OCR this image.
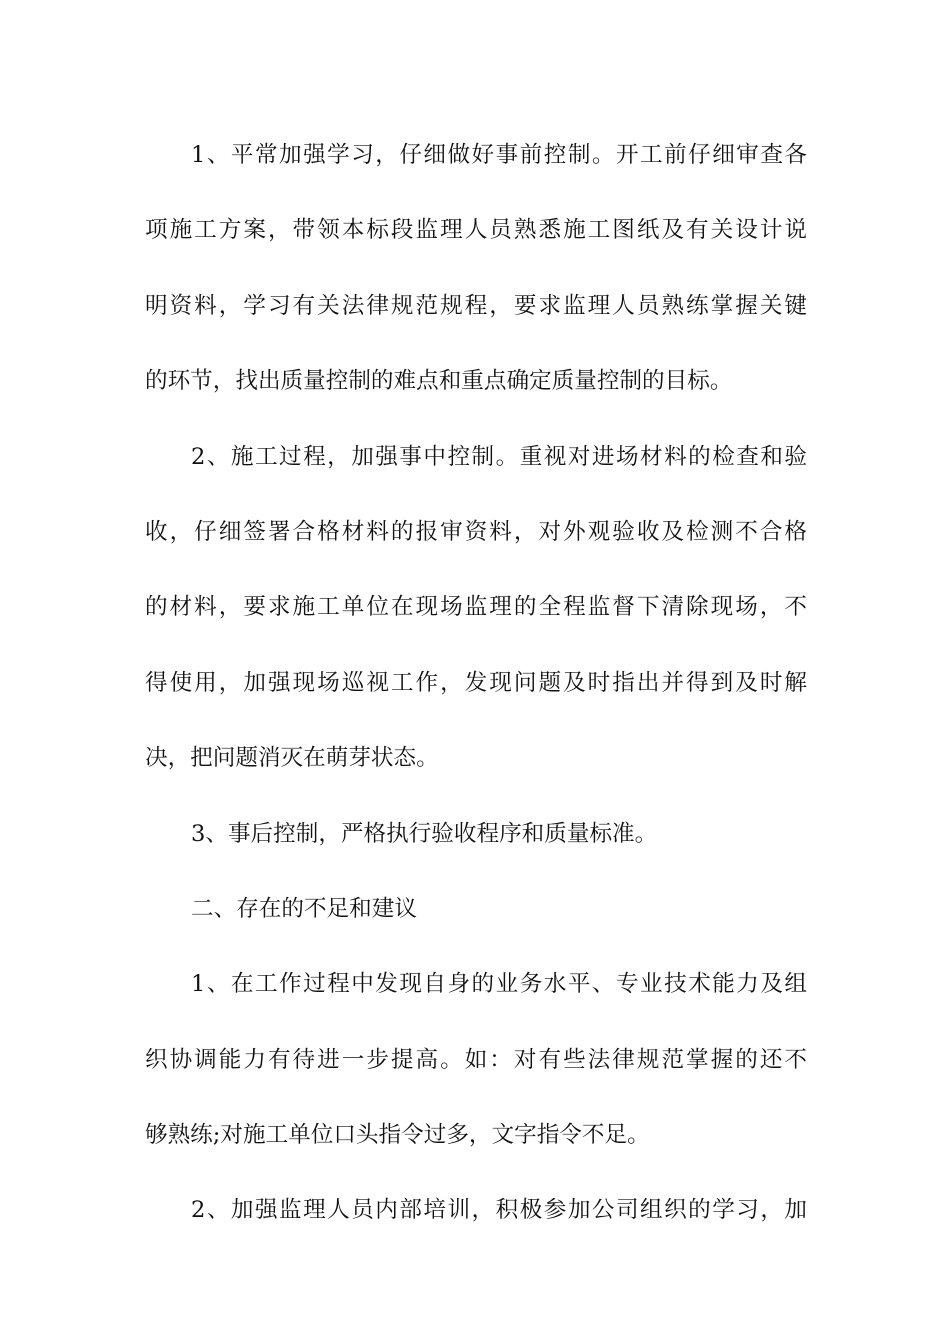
1、平常加强学习，仔细做好事前控制。开工前仔细审查各
项施工方案，带领本标段监理人员熟悉施工图纸及有关设计说
明资料，学习有关法律规范规程，要求监理人员熟练掌握关键
的环节，找出质量控制的难点和重点确定质量控制的目标。
2、施工过程，加强事中控制。重视对进场材料的检查和验
收，仔细签署合格材料的报审资料，对外观验收及检测不合格
的材料，要求施工单位在现场监理的全程监督下清除现场，不
得使用，加强现场巡视工作，发现问题及时指出并得到及时解
决，把问题消灭在萌芽状态。
3、事后控制，严格执行验收程序和质量标准。
二、存在的不足和建议
1、在工作过程中发现自身的业务水平、专业技术能力及组
织协调能力有待进一步提高。如：对有些法律规范掌握的还不
够熟练;对施工单位口头指令过多，文字指令不足。
2、加强监理人员内部培训，积极参加公司组织的学习，加
